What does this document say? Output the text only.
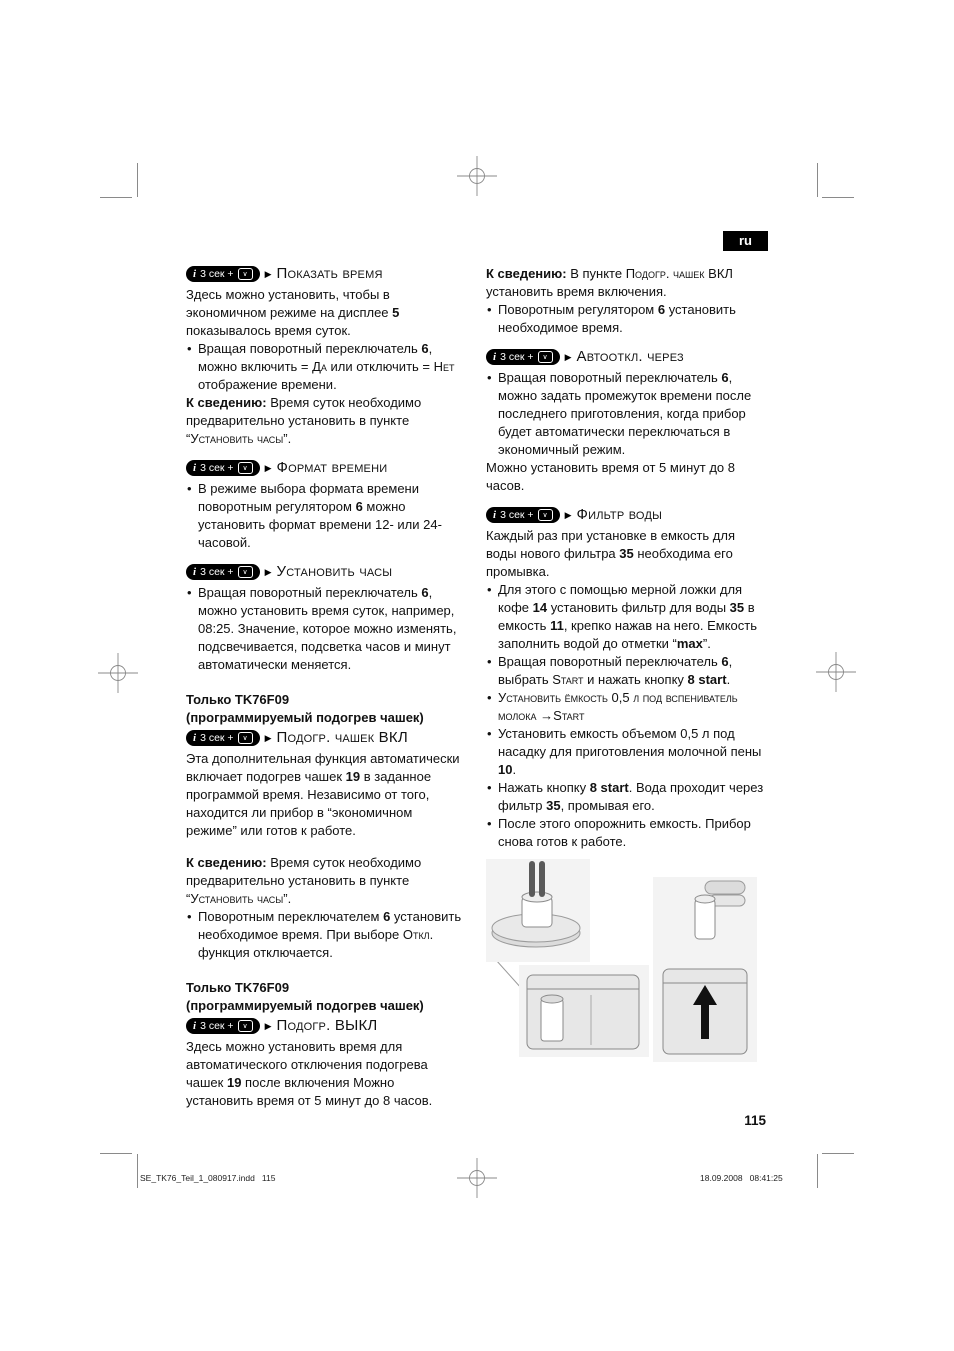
ru
i 3 сек +	∨	▶ Показать время

Здесь можно установить, чтобы в экономичном режиме на дисплее 5 показывалось время суток.

• Вращая поворотный переключатель 6, можно включить = Да или отключить = Нет отображение времени.

К сведению: Время суток необходимо предварительно установить в пункте “Установить часы”.

i 3 сек +	∨	▶ Формат времени

• В режиме выбора формата времени поворотным регулятором 6 можно установить формат времени 12- или 24-часовой.

i 3 сек +	∨	▶ Установить часы

• Вращая поворотный переключатель 6, можно установить время суток, например, 08:25. Значение, которое можно изменять, подсвечивается, подсветка часов и минут автоматически меняется.

Только TK76F09
(программируемый подогрев чашек)
i 3 сек +	∨	▶ Подогр. чашек ВКЛ

Эта дополнительная функция автоматически включает подогрев чашек 19 в заданное программой время. Независимо от того, находится ли прибор в “экономичном режиме” или готов к работе.

К сведению: Время суток необходимо предварительно установить в пункте “Установить часы”.

• Поворотным переключателем 6 установить необходимое время. При выборе Откл. функция отключается.

Только TK76F09
(программируемый подогрев чашек)
i 3 сек +	∨	▶ Подогр. ВЫКЛ

Здесь можно установить время для автоматического отключения подогрева чашек 19 после включения Можно установить время от 5 минут до 8 часов.

К сведению: В пункте Подогр. чашек ВКЛ установить время включения.

• Поворотным регулятором 6 установить необходимое время.

i 3 сек +	∨	▶ Автооткл. через

• Вращая поворотный переключатель 6, можно задать промежуток времени после последнего приготовления, когда прибор будет автоматически переключаться в экономичный режим.

Можно установить время от 5 минут до 8 часов.

i 3 сек +	∨	▶ Фильтр воды

Каждый раз при установке в емкость для воды нового фильтра 35 необходима его промывка.

• Для этого с помощью мерной ложки для кофе 14 установить фильтр для воды 35 в емкость 11, крепко нажав на него. Емкость заполнить водой до отметки “max”.

• Вращая поворотный переключатель 6, выбрать Start и нажать кнопку 8 start.

• Установить ёмкость 0,5 л под вспениватель молока →Start

• Установить емкость объемом 0,5 л под насадку для приготовления молочной пены 10.

• Нажать кнопку 8 start. Вода проходит через фильтр 35, промывая его.

• После этого опорожнить емкость. Прибор снова готов к работе.

115
SE_TK76_Teil_1_080917.indd   115	18.09.2008   08:41:25
